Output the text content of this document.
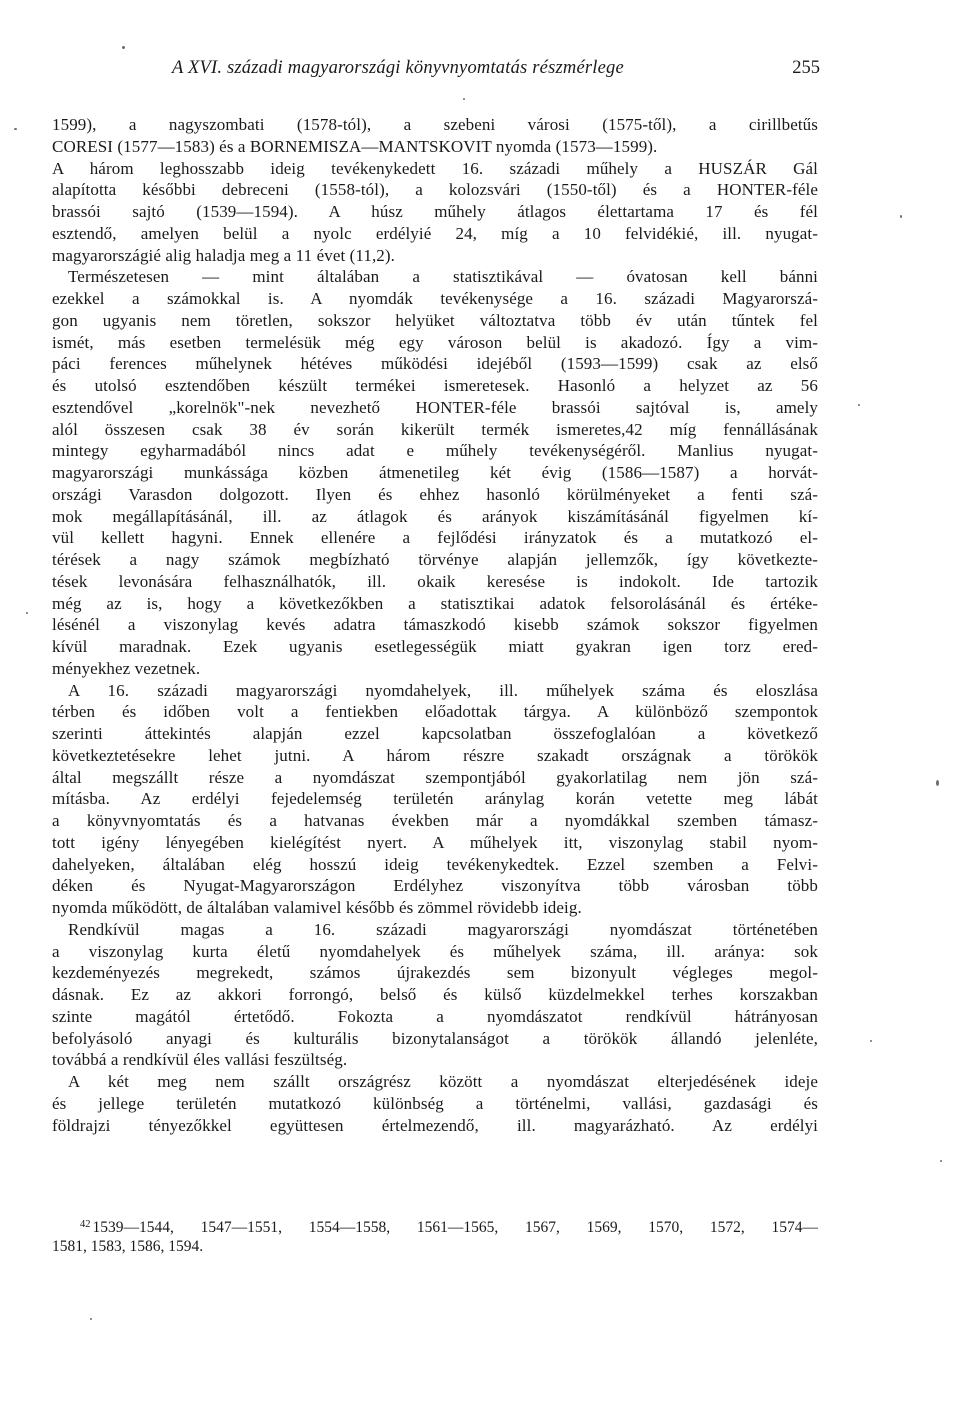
A XVI. századi magyarországi könyvnyomtatás részmérlege	255
1599), a nagyszombati (1578-tól), a szebeni városi (1575-től), a cirillbetűs
CORESI (1577—1583) és a BORNEMISZA—MANTSKOVIT nyomda (1573—1599).
A három leghosszabb ideig tevékenykedett 16. századi műhely a HUSZÁR Gál
alapította későbbi debreceni (1558-tól), a kolozsvári (1550-től) és a HONTER-féle
brassói sajtó (1539—1594). A húsz műhely átlagos élettartama 17 és fél
esztendő, amelyen belül a nyolc erdélyié 24, míg a 10 felvidékié, ill. nyugat-
magyarországié alig haladja meg a 11 évet (11,2).
Természetesen — mint általában a statisztikával — óvatosan kell bánni
ezekkel a számokkal is. A nyomdák tevékenysége a 16. századi Magyarorszá-
gon ugyanis nem töretlen, sokszor helyüket változtatva több év után tűntek fel
ismét, más esetben termelésük még egy városon belül is akadozó. Így a vim-
páci ferences műhelynek hétéves működési idejéből (1593—1599) csak az első
és utolsó esztendőben készült termékei ismeretesek. Hasonló a helyzet az 56
esztendővel „korelnök"-nek nevezhető HONTER-féle brassói sajtóval is, amely
alól összesen csak 38 év során kikerült termék ismeretes,42 míg fennállásának
mintegy egyharmadából nincs adat e műhely tevékenységéről. Manlius nyugat-
magyarországi munkássága közben átmenetileg két évig (1586—1587) a horvát-
országi Varasdon dolgozott. Ilyen és ehhez hasonló körülményeket a fenti szá-
mok megállapításánál, ill. az átlagok és arányok kiszámításánál figyelmen kí-
vül kellett hagyni. Ennek ellenére a fejlődési irányzatok és a mutatkozó el-
térések a nagy számok megbízható törvénye alapján jellemzők, így következte-
tések levonására felhasználhatók, ill. okaik keresése is indokolt. Ide tartozik
még az is, hogy a következőkben a statisztikai adatok felsorolásánál és értéke-
lésénél a viszonylag kevés adatra támaszkodó kisebb számok sokszor figyelmen
kívül maradnak. Ezek ugyanis esetlegességük miatt gyakran igen torz ered-
ményekhez vezetnek.
A 16. századi magyarországi nyomdahelyek, ill. műhelyek száma és eloszlása
térben és időben volt a fentiekben előadottak tárgya. A különböző szempontok
szerinti áttekintés alapján ezzel kapcsolatban összefoglalóan a következő
következtetésekre lehet jutni. A három részre szakadt országnak a törökök
által megszállt része a nyomdászat szempontjából gyakorlatilag nem jön szá-
mításba. Az erdélyi fejedelemség területén aránylag korán vetette meg lábát
a könyvnyomtatás és a hatvanas években már a nyomdákkal szemben támasz-
tott igény lényegében kielégítést nyert. A műhelyek itt, viszonylag stabil nyom-
dahelyeken, általában elég hosszú ideig tevékenykedtek. Ezzel szemben a Felvi-
déken és Nyugat-Magyarországon Erdélyhez viszonyítva több városban több
nyomda működött, de általában valamivel később és zömmel rövidebb ideig.
Rendkívül magas a 16. századi magyarországi nyomdászat történetében
a viszonylag kurta életű nyomdahelyek és műhelyek száma, ill. aránya: sok
kezdeményezés megrekedt, számos újrakezdés sem bizonyult végleges megol-
dásnak. Ez az akkori forrongó, belső és külső küzdelmekkel terhes korszakban
szinte magától értetődő. Fokozta a nyomdászatot rendkívül hátrányosan
befolyásoló anyagi és kulturális bizonytalanságot a törökök állandó jelenléte,
továbbá a rendkívül éles vallási feszültség.
A két meg nem szállt országrész között a nyomdászat elterjedésének ideje
és jellege területén mutatkozó különbség a történelmi, vallási, gazdasági és
földrajzi tényezőkkel együttesen értelmezendő, ill. magyarázható. Az erdélyi
$^{42}$ 1539—1544, 1547—1551, 1554—1558, 1561—1565, 1567, 1569, 1570, 1572, 1574—
1581, 1583, 1586, 1594.
